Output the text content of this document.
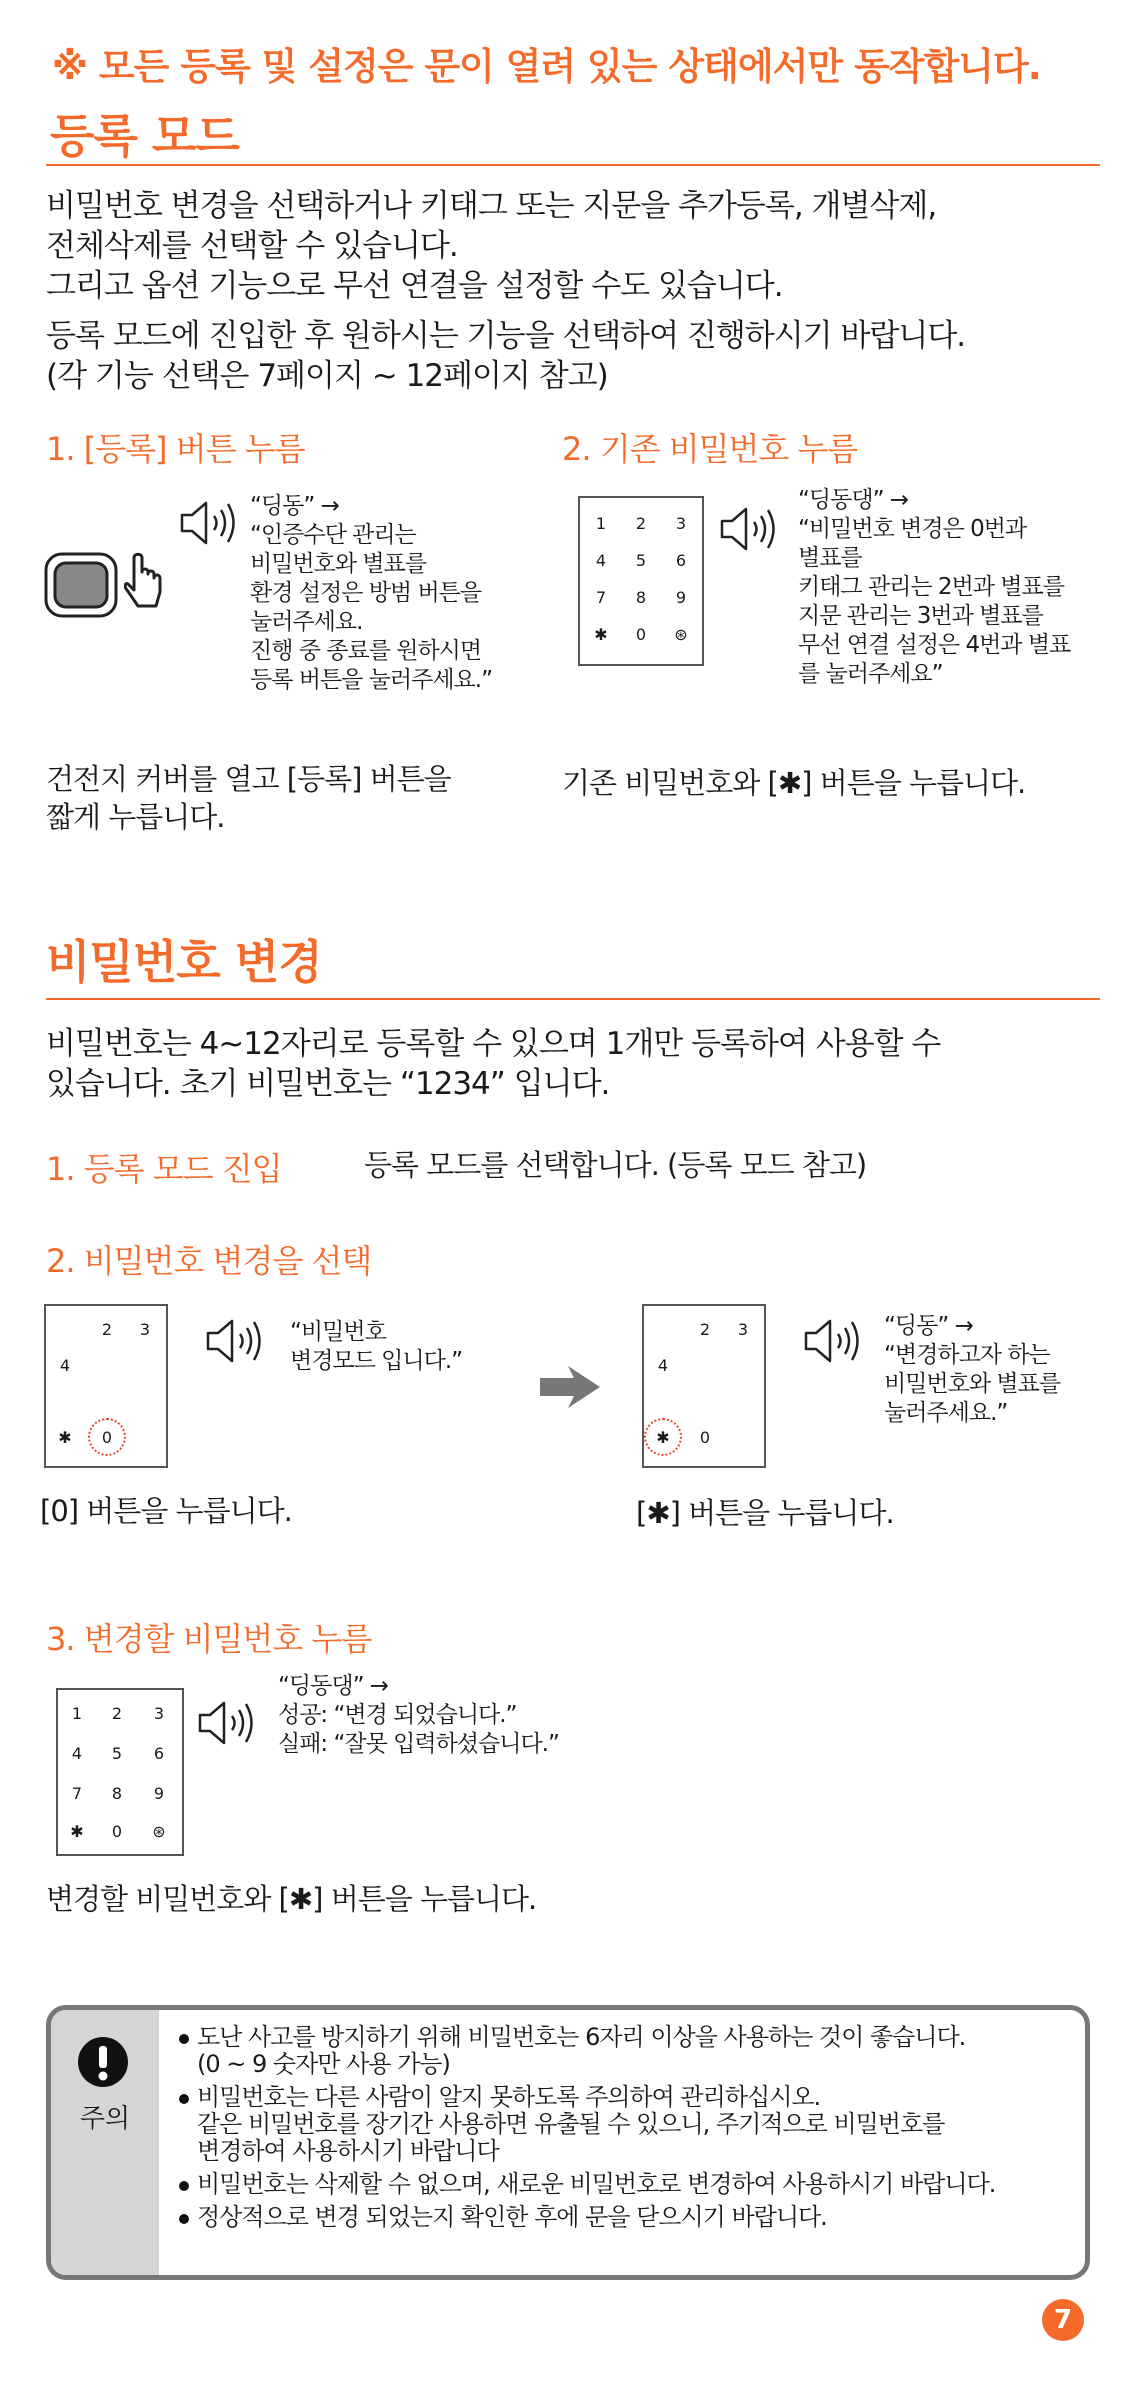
※ 모든 등록 및 설정은 문이 열려 있는 상태에서만 동작합니다.
등록 모드
비밀번호 변경을 선택하거나 키태그 또는 지문을 추가등록, 개별삭제,
전체삭제를 선택할 수 있습니다.
그리고 옵션 기능으로 무선 연결을 설정할 수도 있습니다.
등록 모드에 진입한 후 원하시는 기능을 선택하여 진행하시기 바랍니다.
(각 기능 선택은 7페이지 ~ 12페이지 참고)
1. [등록] 버튼 누름
“딩동” →
“인증수단 관리는
비밀번호와 별표를
환경 설정은 방범 버튼을
눌러주세요.
진행 중 종료를 원하시면
등록 버튼을 눌러주세요.”
건전지 커버를 열고 [등록] 버튼을
짧게 누릅니다.
2. 기존 비밀번호 누름
1	2	3
4	5	6
7	8	9
✱	0	⊛
“딩동댕” →
“비밀번호 변경은 0번과
별표를
키태그 관리는 2번과 별표를
지문 관리는 3번과 별표를
무선 연결 설정은 4번과 별표
를 눌러주세요”
기존 비밀번호와 [✱] 버튼을 누릅니다.
비밀번호 변경
비밀번호는 4~12자리로 등록할 수 있으며 1개만 등록하여 사용할 수
있습니다. 초기 비밀번호는 “1234” 입니다.
1. 등록 모드 진입	등록 모드를 선택합니다. (등록 모드 참고)
2. 비밀번호 변경을 선택
2	3
4
✱	0
“비밀번호
변경모드 입니다.”
2	3
4
✱	0
“딩동” →
“변경하고자 하는
비밀번호와 별표를
눌러주세요.”
[0] 버튼을 누릅니다.	[✱] 버튼을 누릅니다.
3. 변경할 비밀번호 누름
1	2	3
4	5	6
7	8	9
✱	0	⊛
“딩동댕” →
성공: “변경 되었습니다.”
실패: “잘못 입력하셨습니다.”
변경할 비밀번호와 [✱] 버튼을 누릅니다.
주의
도난 사고를 방지하기 위해 비밀번호는 6자리 이상을 사용하는 것이 좋습니다.
(0 ~ 9 숫자만 사용 가능)
비밀번호는 다른 사람이 알지 못하도록 주의하여 관리하십시오.
같은 비밀번호를 장기간 사용하면 유출될 수 있으니, 주기적으로 비밀번호를
변경하여 사용하시기 바랍니다
비밀번호는 삭제할 수 없으며, 새로운 비밀번호로 변경하여 사용하시기 바랍니다.
정상적으로 변경 되었는지 확인한 후에 문을 닫으시기 바랍니다.
7
